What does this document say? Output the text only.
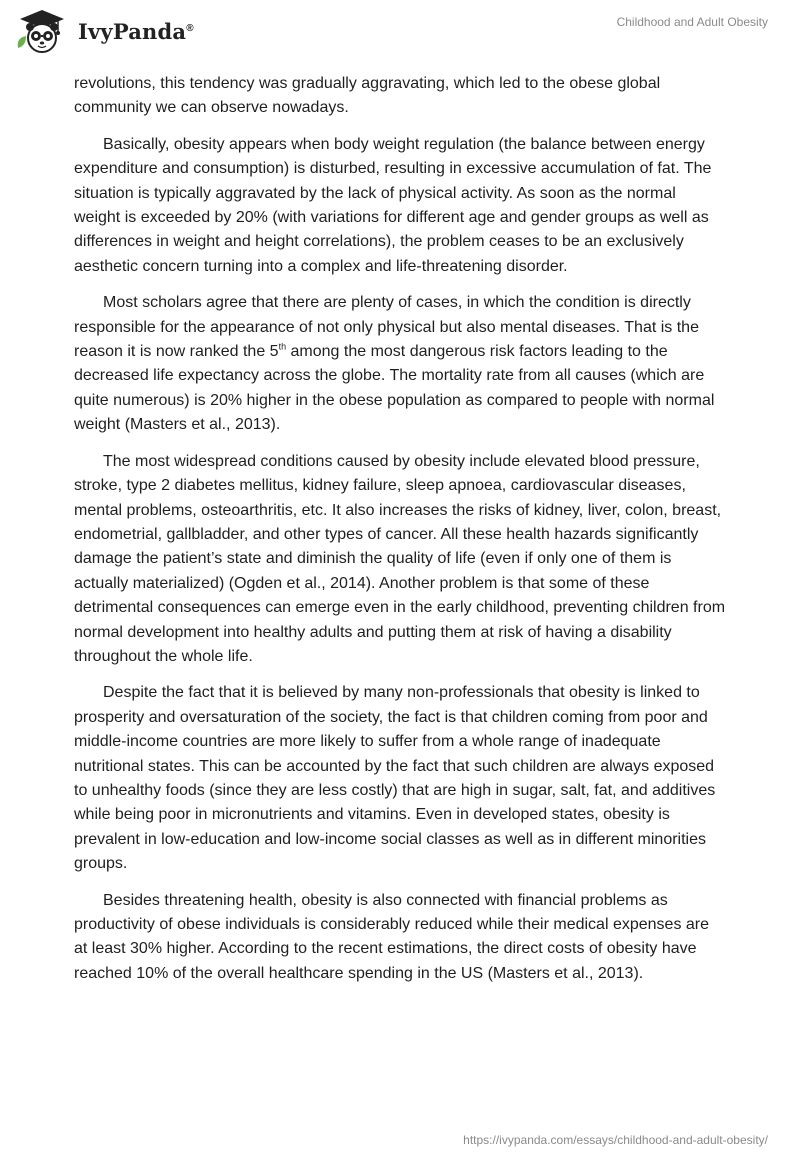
IvyPanda®	Childhood and Adult Obesity

revolutions, this tendency was gradually aggravating, which led to the obese global community we can observe nowadays.

Basically, obesity appears when body weight regulation (the balance between energy expenditure and consumption) is disturbed, resulting in excessive accumulation of fat. The situation is typically aggravated by the lack of physical activity. As soon as the normal weight is exceeded by 20% (with variations for different age and gender groups as well as differences in weight and height correlations), the problem ceases to be an exclusively aesthetic concern turning into a complex and life-threatening disorder.

Most scholars agree that there are plenty of cases, in which the condition is directly responsible for the appearance of not only physical but also mental diseases. That is the reason it is now ranked the 5th among the most dangerous risk factors leading to the decreased life expectancy across the globe. The mortality rate from all causes (which are quite numerous) is 20% higher in the obese population as compared to people with normal weight (Masters et al., 2013).

The most widespread conditions caused by obesity include elevated blood pressure, stroke, type 2 diabetes mellitus, kidney failure, sleep apnoea, cardiovascular diseases, mental problems, osteoarthritis, etc. It also increases the risks of kidney, liver, colon, breast, endometrial, gallbladder, and other types of cancer. All these health hazards significantly damage the patient’s state and diminish the quality of life (even if only one of them is actually materialized) (Ogden et al., 2014). Another problem is that some of these detrimental consequences can emerge even in the early childhood, preventing children from normal development into healthy adults and putting them at risk of having a disability throughout the whole life.

Despite the fact that it is believed by many non-professionals that obesity is linked to prosperity and oversaturation of the society, the fact is that children coming from poor and middle-income countries are more likely to suffer from a whole range of inadequate nutritional states. This can be accounted by the fact that such children are always exposed to unhealthy foods (since they are less costly) that are high in sugar, salt, fat, and additives while being poor in micronutrients and vitamins. Even in developed states, obesity is prevalent in low-education and low-income social classes as well as in different minorities groups.

Besides threatening health, obesity is also connected with financial problems as productivity of obese individuals is considerably reduced while their medical expenses are at least 30% higher. According to the recent estimations, the direct costs of obesity have reached 10% of the overall healthcare spending in the US (Masters et al., 2013).

https://ivypanda.com/essays/childhood-and-adult-obesity/
